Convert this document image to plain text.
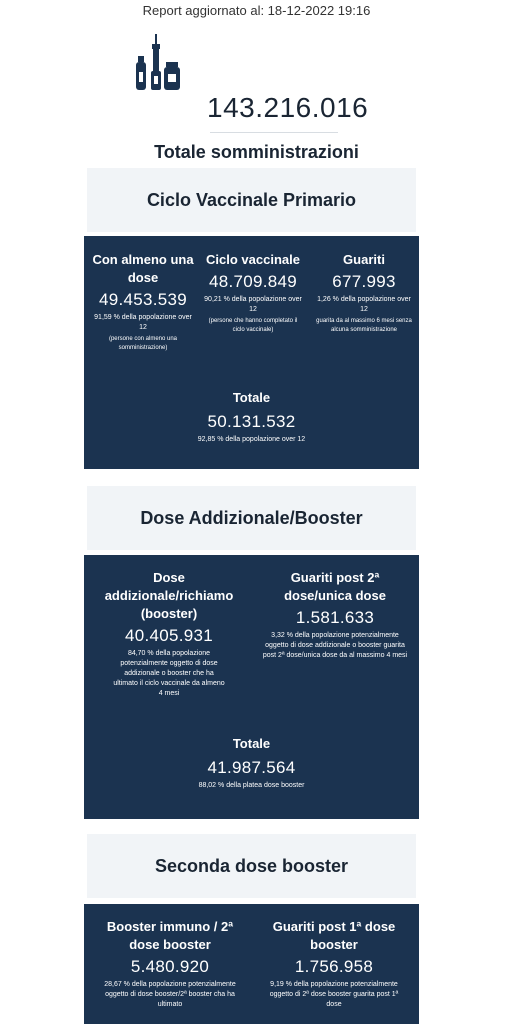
Report aggiornato al: 18-12-2022 19:16
143.216.016
Totale somministrazioni
Ciclo Vaccinale Primario
Con almeno una dose
49.453.539
91,59 % della popolazione over 12
(persone con almeno una somministrazione)
Ciclo vaccinale
48.709.849
90,21 % della popolazione over 12
(persone che hanno completato il ciclo vaccinale)
Guariti
677.993
1,26 % della popolazione over 12
guarita da al massimo 6 mesi senza alcuna somministrazione
Totale
50.131.532
92,85 % della popolazione over 12
Dose Addizionale/Booster
Dose addizionale/richiamo (booster)
40.405.931
84,70 % della popolazione potenzialmente oggetto di dose addizionale o booster che ha ultimato il ciclo vaccinale da almeno 4 mesi
Guariti post 2ª dose/unica dose
1.581.633
3,32 % della popolazione potenzialmente oggetto di dose addizionale o booster guarita post 2ª dose/unica dose da al massimo 4 mesi
Totale
41.987.564
88,02 % della platea dose booster
Seconda dose booster
Booster immuno / 2ª dose booster
5.480.920
28,67 % della popolazione potenzialmente oggetto di dose booster/2ª booster cha ha ultimato
Guariti post 1ª dose booster
1.756.958
9,19 % della popolazione potenzialmente oggetto di 2ª dose booster guarita post 1ª dose
